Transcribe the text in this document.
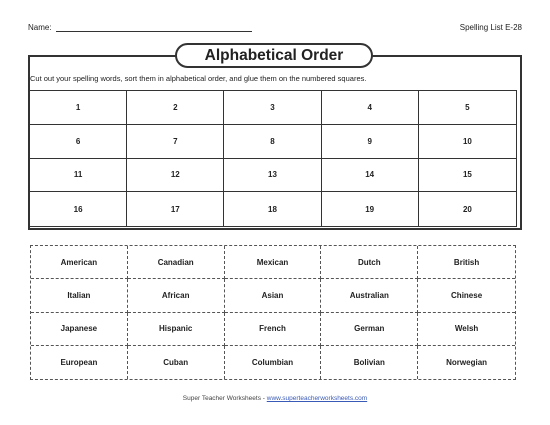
Name:	Spelling List E-28
Alphabetical Order
Cut out your spelling words, sort them in alphabetical order, and glue them on the numbered squares.
1	2	3	4	5
6	7	8	9	10
11	12	13	14	15
16	17	18	19	20
American	Canadian	Mexican	Dutch	British
Italian	African	Asian	Australian	Chinese
Japanese	Hispanic	French	German	Welsh
European	Cuban	Columbian	Bolivian	Norwegian
Super Teacher Worksheets - www.superteacherworksheets.com
